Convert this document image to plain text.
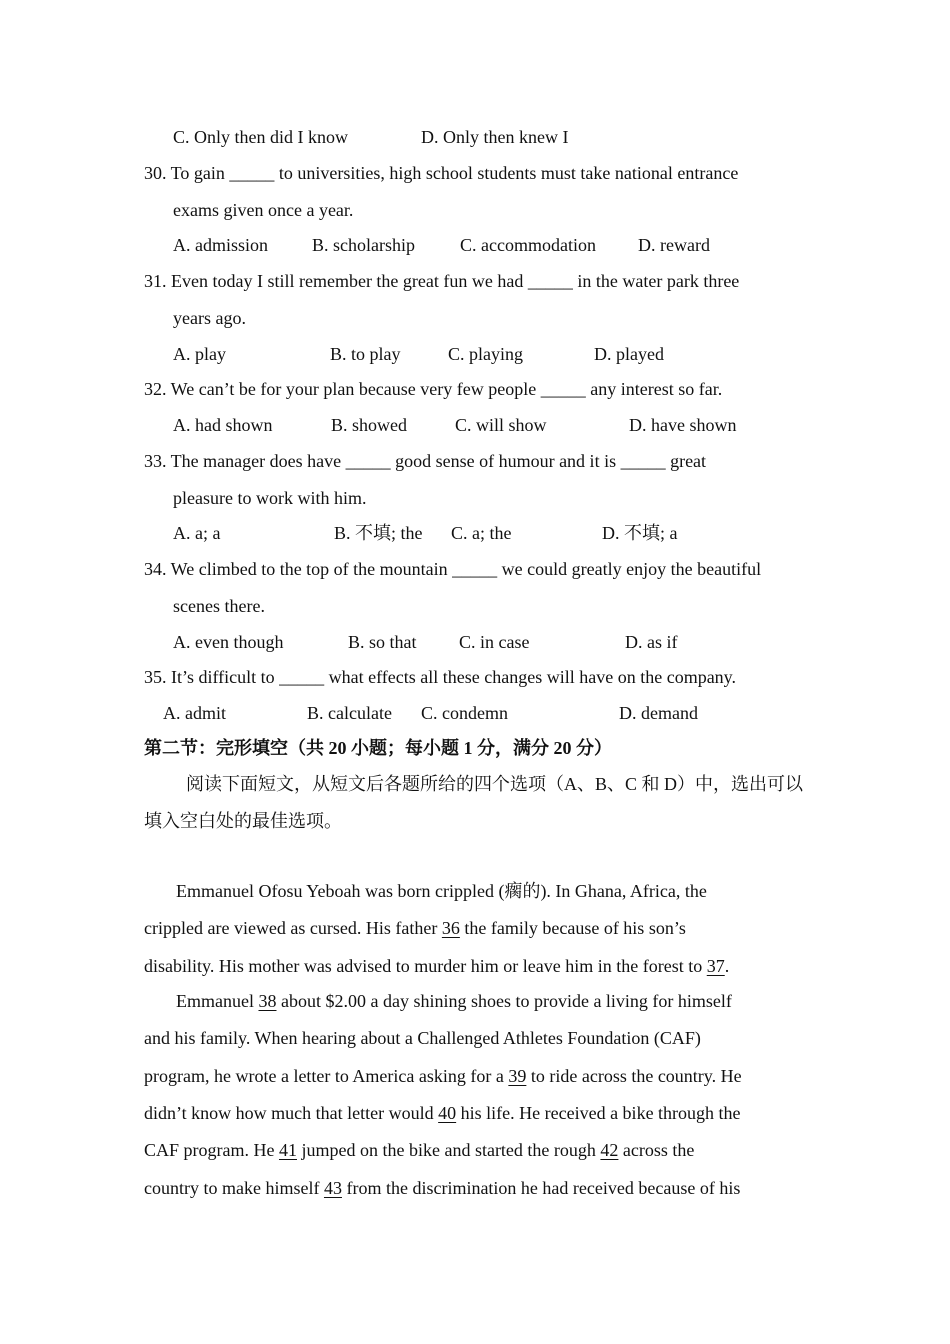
C. Only then did I know	D. Only then knew I
30. To gain _____ to universities, high school students must take national entrance
exams given once a year.
A. admission B. scholarship	C. accommodation D. reward
31. Even today I still remember the great fun we had _____ in the water park three
years ago.
A. play	B. to play	C. playing	D. played
32. We can’t be for your plan because very few people _____ any interest so far.
A. had shown	B. showed	C. will show	D. have shown
33. The manager does have _____ good sense of humour and it is _____ great
pleasure to work with him.
A. a; a	B. 不填; the C. a; the	D. 不填; a
34. We climbed to the top of the mountain _____ we could greatly enjoy the beautiful
scenes there.
A. even though	B. so that C. in case	D. as if
35. It’s difficult to _____ what effects all these changes will have on the company.
A. admit	B. calculate C. condemn	D. demand
第二节：完形填空（共 20 小题；每小题 1 分，满分 20 分）
阅读下面短文，从短文后各题所给的四个选项（A、B、C 和 D）中，选出可以
填入空白处的最佳选项。
Emmanuel Ofosu Yeboah was born crippled (瘸的). In Ghana, Africa, the
crippled are viewed as cursed. His father 36 the family because of his son’s
disability. His mother was advised to murder him or leave him in the forest to 37.
Emmanuel 38 about $2.00 a day shining shoes to provide a living for himself
and his family. When hearing about a Challenged Athletes Foundation (CAF)
program, he wrote a letter to America asking for a 39 to ride across the country. He
didn’t know how much that letter would 40 his life. He received a bike through the
CAF program. He 41 jumped on the bike and started the rough 42 across the
country to make himself 43 from the discrimination he had received because of his
